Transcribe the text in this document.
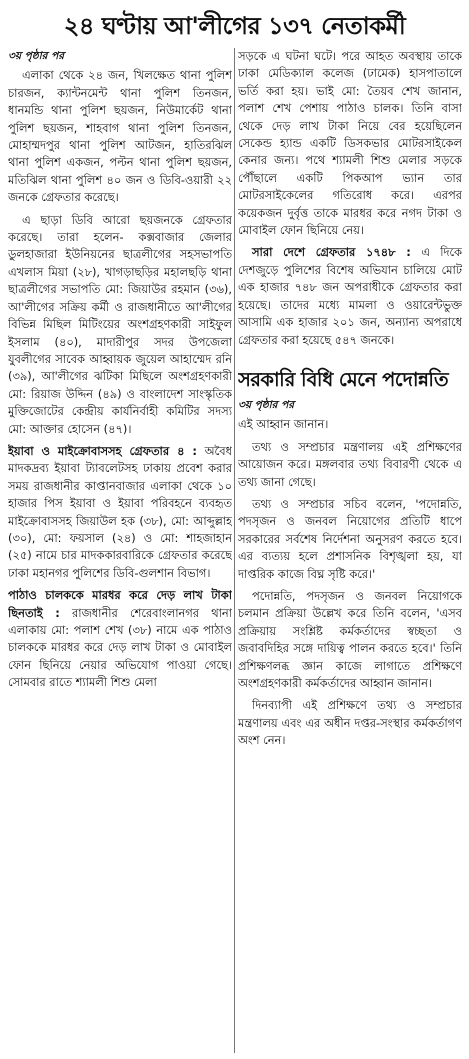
২৪ ঘণ্টায় আ'লীগের ১৩৭ নেতাকর্মী
৩য় পৃষ্ঠার পর

এলাকা থেকে ২৪ জন, খিলক্ষেত থানা পুলিশ চারজন, ক্যান্টনমেন্ট থানা পুলিশ তিনজন, ধানমন্ডি থানা পুলিশ ছয়জন, নিউমার্কেট থানা পুলিশ ছয়জন, শাহবাগ থানা পুলিশ তিনজন, মোহাম্মদপুর থানা পুলিশ আটজন, হাতিরঝিল থানা পুলিশ একজন, পল্টন থানা পুলিশ ছয়জন, মতিঝিল থানা পুলিশ ৪০ জন ও ডিবি-ওয়ারী ২২ জনকে গ্রেফতার করেছে।

এ ছাড়া ডিবি আরো ছয়জনকে গ্রেফতার করেছে। তারা হলেন- কক্সবাজার জেলার ডুলহাজারা ইউনিয়নের ছাত্রলীগের সহসভাপতি এখলাস মিয়া (২৮), খাগড়াছড়ির মহালছড়ি থানা ছাত্রলীগের সভাপতি মো: জিয়াউর রহমান (৩৬), আ'লীগের সক্রিয় কর্মী ও রাজধানীতে আ'লীগের বিভিন্ন মিছিল মিটিংয়ের অংশগ্রহণকারী সাইফুল ইসলাম (৪০), মাদারীপুর সদর উপজেলা যুবলীগের সাবেক আহ্বায়ক জুয়েল আহাম্মেদ রনি (৩৯), আ'লীগের ঝটিকা মিছিলে অংশগ্রহণকারী মো: রিয়াজ উদ্দিন (৪৯) ও বাংলাদেশ সাংস্কৃতিক মুক্তিজোটের কেন্দ্রীয় কার্যনির্বাহী কমিটির সদস্য মো: আক্তার হোসেন (৪৭)।

ইয়াবা ও মাইক্রোবাসসহ গ্রেফতার ৪ : অবৈধ মাদকদ্রব্য ইয়াবা ট্যাবলেটসহ ঢাকায় প্রবেশ করার সময় রাজধানীর কাপ্তানবাজার এলাকা থেকে ১০ হাজার পিস ইয়াবা ও ইয়াবা পরিবহনে ব্যবহৃত মাইক্রোবাসসহ জিয়াউল হক (৩৮), মো: আব্দুল্লাহ (৩০), মো: ফয়সাল (২৪) ও মো: শাহজাহান (২৫) নামে চার মাদককারবারিকে গ্রেফতার করেছে ঢাকা মহানগর পুলিশের ডিবি-গুলশান বিভাগ।

পাঠাও চালককে মারধর করে দেড় লাখ টাকা ছিনতাই : রাজধানীর শেরেবাংলানগর থানা এলাকায় মো: পলাশ শেখ (৩৮) নামে এক পাঠাও চালককে মারধর করে দেড় লাখ টাকা ও মোবাইল ফোন ছিনিয়ে নেয়ার অভিযোগ পাওয়া গেছে। সোমবার রাতে শ্যামলী শিশু মেলা

সড়কে এ ঘটনা ঘটে। পরে আহত অবস্থায় তাকে ঢাকা মেডিক্যাল কলেজ (ঢামেক) হাসপাতালে ভর্তি করা হয়। ভাই মো: তৈয়ব শেখ জানান, পলাশ শেখ পেশায় পাঠাও চালক। তিনি বাসা থেকে দেড় লাখ টাকা নিয়ে বের হয়েছিলেন সেকেন্ড হ্যান্ড একটি ডিসকভার মোটরসাইকেল কেনার জন্য। পথে শ্যামলী শিশু মেলার সড়কে পৌঁছালে একটি পিকআপ ভ্যান তার মোটরসাইকেলের গতিরোধ করে। এরপর কয়েকজন দুর্বৃত্ত তাকে মারধর করে নগদ টাকা ও মোবাইল ফোন ছিনিয়ে নেয়।

সারা দেশে গ্রেফতার ১৭৪৮ : এ দিকে দেশজুড়ে পুলিশের বিশেষ অভিযান চালিয়ে মোট এক হাজার ৭৪৮ জন অপরাধীকে গ্রেফতার করা হয়েছে। তাদের মধ্যে মামলা ও ওয়ারেন্টভুক্ত আসামি এক হাজার ২০১ জন, অন্যান্য অপরাধে গ্রেফতার করা হয়েছে ৫৪৭ জনকে।

সরকারি বিধি মেনে পদোন্নতি
৩য় পৃষ্ঠার পর

এই আহ্বান জানান।

তথ্য ও সম্প্রচার মন্ত্রণালয় এই প্রশিক্ষণের আয়োজন করে। মঙ্গলবার তথ্য বিবারণী থেকে এ তথ্য জানা গেছে।

তথ্য ও সম্প্রচার সচিব বলেন, 'পদোন্নতি, পদসৃজন ও জনবল নিয়োগের প্রতিটি ধাপে সরকারের সর্বশেষ নির্দেশনা অনুসরণ করতে হবে। এর ব্যত্যয় হলে প্রশাসনিক বিশৃঙ্খলা হয়, যা দাপ্তরিক কাজে বিঘ্ন সৃষ্টি করে।'

পদোন্নতি, পদসৃজন ও জনবল নিয়োগকে চলমান প্রক্রিয়া উল্লেখ করে তিনি বলেন, 'এসব প্রক্রিয়ায় সংশ্লিষ্ট কর্মকর্তাদের স্বচ্ছতা ও জবাবদিহির সঙ্গে দায়িত্ব পালন করতে হবে।' তিনি প্রশিক্ষণলব্ধ জ্ঞান কাজে লাগাতে প্রশিক্ষণে অংশগ্রহণকারী কর্মকর্তাদের আহ্বান জানান।

দিনব্যাপী এই প্রশিক্ষণে তথ্য ও সম্প্রচার মন্ত্রণালয় এবং এর অধীন দপ্তর-সংস্থার কর্মকর্তাগণ অংশ নেন।
